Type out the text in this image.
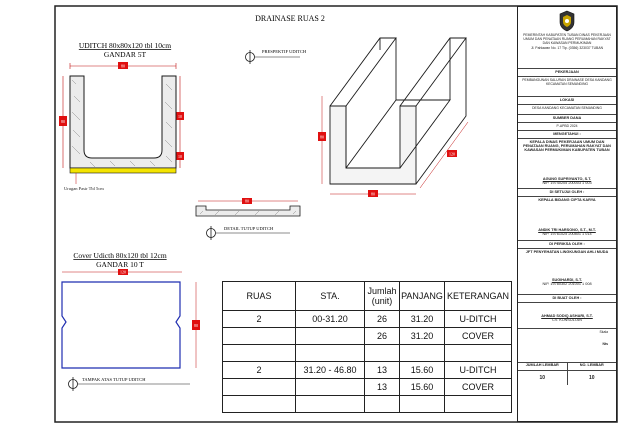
DRAINASE RUAS 2
UDITCH 80x80x120 tbl 10cm
GANDAR 5T
80
80
10
10
Urugan Pasir Tbl 5cm
PRESPEKTIF UDITCH
80
80
120
80
DETAIL TUTUP UDITCH
Cover Udicth 80x120 tbl 12cm
GANDAR 10 T
120
80
TAMPAK ATAS TUTUP UDITCH
RUAS	STA.	Jumlah (unit)	PANJANG	KETERANGAN
2	00-31.20	26	31.20	U-DITCH
		26	31.20	COVER

2	31.20 - 46.80	13	15.60	U-DITCH
		13	15.60	COVER

PEMERINTAH KABUPATEN TUBAN DINAS PEKERJAAN UMUM DAN PENATAAN RUANG PERUMAHAN RAKYAT DAN KAWASAN PERMUKIMAN
Jl. Pahlawan No. 17 Tlp. (0356) 323037 TUBAN
PEKERJAAN
PEMBANGUNAN SALURAN DRAINASE DESA KANDANG KECAMATAN SEMANDING
LOKASI
DESA KANDANG KECAMATAN SEMANDING
SUMBER DANA
P-APBD 2024
MENGETAHUI :
KEPALA DINAS PEKERJAAN UMUM DAN PENATAAN RUANG, PERUMAHAN RAKYAT DAN KAWASAN PERMUKIMAN KABUPATEN TUBAN
AGUNG SUPRIYANTO, S.T.
NIP. 19740205 200003 1 003
DI SETUJUI OLEH :
KEPALA BIDANG CIPTA KARYA
ANDIK TRI HARSONO, S.T., M.T.
NIP. 19761025 200801 1 014
DI PERIKSA OLEH :
JFT PENYEHATAN LINGKUNGAN AHLI MUDA
SUGIHARDI, S.T.
NIP. 19780302 201001 1 008
DI BUAT OLEH :
AHMAD SODIQ ASHARI, S.T.
CV. KONSULTAN
Skala
Nts
JUMLAH LEMBAR	NO. LEMBAR
10	10
